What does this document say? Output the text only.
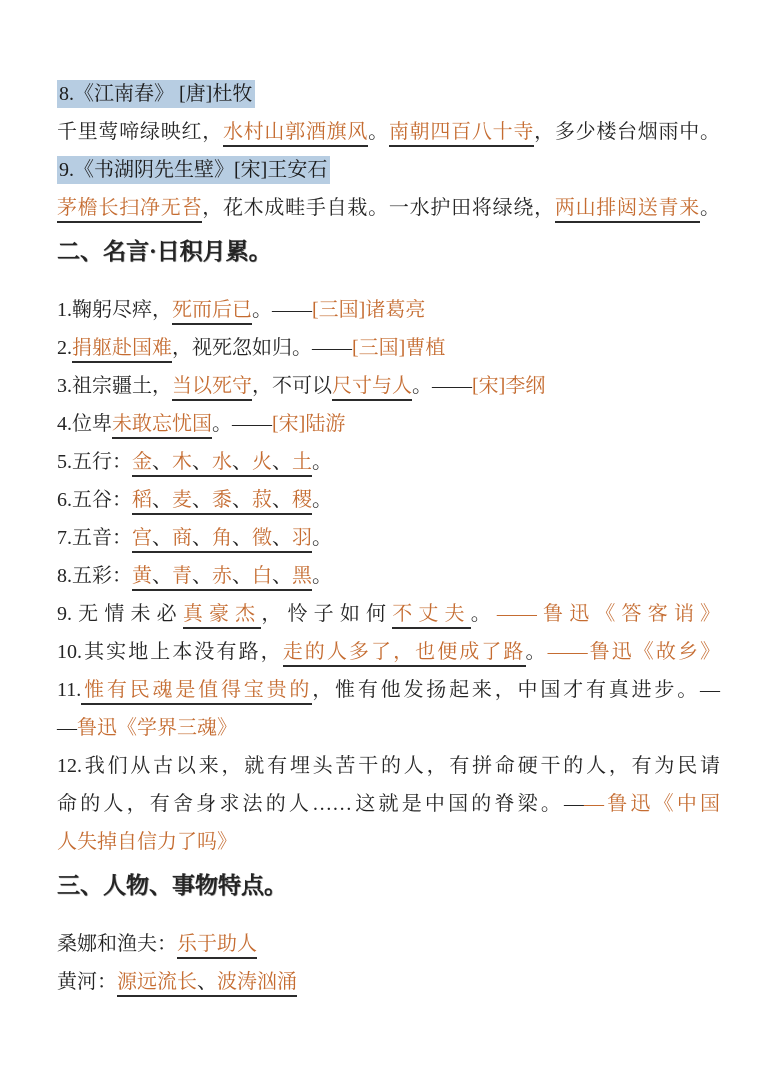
8.《江南春》 [唐]杜牧
千里莺啼绿映红，水村山郭酒旗风。南朝四百八十寺，多少楼台烟雨中。
9.《书湖阴先生壁》[宋]王安石
茅檐长扫净无苔，花木成畦手自栽。一水护田将绿绕，两山排闼送青来。
二、名言·日积月累。
1.鞠躬尽瘁，死而后已。——[三国]诸葛亮
2.捐躯赴国难，视死忽如归。——[三国]曹植
3.祖宗疆土，当以死守，不可以尺寸与人。——[宋]李纲
4.位卑未敢忘忧国。——[宋]陆游
5.五行：金、木、水、火、土。
6.五谷：稻、麦、黍、菽、稷。
7.五音：宫、商、角、徵、羽。
8.五彩：黄、青、赤、白、黑。
9.无情未必真豪杰，怜子如何不丈夫。——鲁迅《答客诮》
10.其实地上本没有路，走的人多了，也便成了路。——鲁迅《故乡》
11.惟有民魂是值得宝贵的，惟有他发扬起来，中国才有真进步。—
—鲁迅《学界三魂》
12.我们从古以来，就有埋头苦干的人，有拼命硬干的人，有为民请
命的人，有舍身求法的人……这就是中国的脊梁。——鲁迅《中国
人失掉自信力了吗》
三、人物、事物特点。
桑娜和渔夫：乐于助人
黄河：源远流长、波涛汹涌
